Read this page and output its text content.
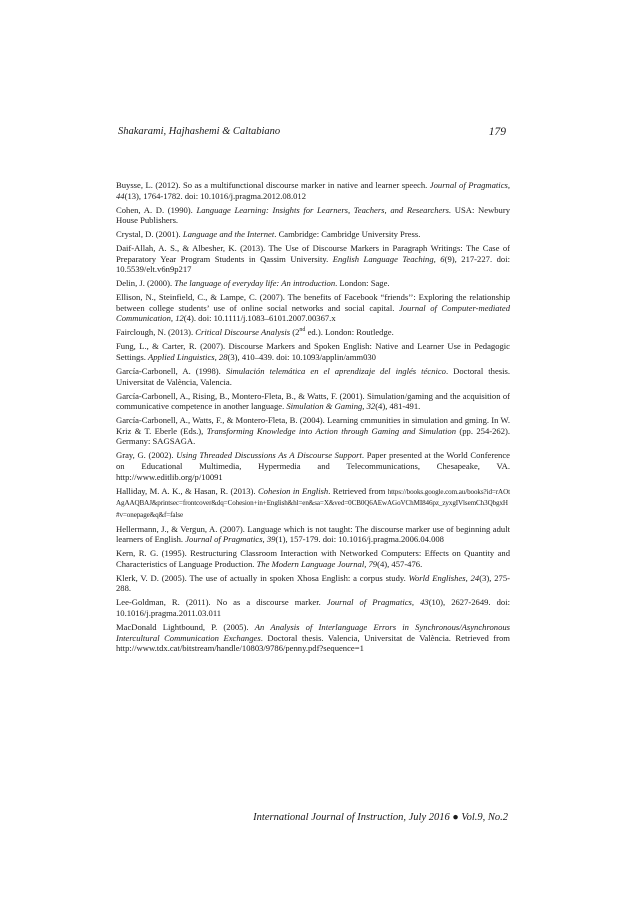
Shakarami, Hajhashemi & Caltabiano	179

Buysse, L. (2012). So as a multifunctional discourse marker in native and learner speech. Journal of Pragmatics, 44(13), 1764-1782. doi: 10.1016/j.pragma.2012.08.012

Cohen, A. D. (1990). Language Learning: Insights for Learners, Teachers, and Researchers. USA: Newbury House Publishers.

Crystal, D. (2001). Language and the Internet. Cambridge: Cambridge University Press.

Daif-Allah, A. S., & Albesher, K. (2013). The Use of Discourse Markers in Paragraph Writings: The Case of Preparatory Year Program Students in Qassim University. English Language Teaching, 6(9), 217-227. doi: 10.5539/elt.v6n9p217

Delin, J. (2000). The language of everyday life: An introduction. London: Sage.

Ellison, N., Steinfield, C., & Lampe, C. (2007). The benefits of Facebook “friends’’: Exploring the relationship between college students’ use of online social networks and social capital. Journal of Computer-mediated Communication, 12(4). doi: 10.1111/j.1083–6101.2007.00367.x

Fairclough, N. (2013). Critical Discourse Analysis (2nd ed.). London: Routledge.

Fung, L., & Carter, R. (2007). Discourse Markers and Spoken English: Native and Learner Use in Pedagogic Settings. Applied Linguistics, 28(3), 410–439. doi: 10.1093/applin/amm030

García-Carbonell, A. (1998). Simulación telemática en el aprendizaje del inglés técnico. Doctoral thesis. Universitat de València, Valencia.

García-Carbonell, A., Rising, B., Montero-Fleta, B., & Watts, F. (2001). Simulation/gaming and the acquisition of communicative competence in another language. Simulation & Gaming, 32(4), 481-491.

García-Carbonell, A., Watts, F., & Montero-Fleta, B. (2004). Learning cmmunities in simulation and gming. In W. Kriz & T. Eberle (Eds.), Transforming Knowledge into Action through Gaming and Simulation (pp. 254-262). Germany: SAGSAGA.

Gray, G. (2002). Using Threaded Discussions As A Discourse Support. Paper presented at the World Conference on Educational Multimedia, Hypermedia and Telecommunications, Chesapeake, VA. http://www.editlib.org/p/10091

Halliday, M. A. K., & Hasan, R. (2013). Cohesion in English. Retrieved from https://books.google.com.au/books?id=rAOtAgAAQBAJ&printsec=frontcover&dq=Cohesion+in+English&hl=en&sa=X&ved=0CB0Q6AEwAGoVChMI846pz_zyxgIVlsemCh3QbgxH#v=onepage&q&f=false

Hellermann, J., & Vergun, A. (2007). Language which is not taught: The discourse marker use of beginning adult learners of English. Journal of Pragmatics, 39(1), 157-179. doi: 10.1016/j.pragma.2006.04.008

Kern, R. G. (1995). Restructuring Classroom Interaction with Networked Computers: Effects on Quantity and Characteristics of Language Production. The Modern Language Journal, 79(4), 457-476.

Klerk, V. D. (2005). The use of actually in spoken Xhosa English: a corpus study. World Englishes, 24(3), 275-288.

Lee-Goldman, R. (2011). No as a discourse marker. Journal of Pragmatics, 43(10), 2627-2649. doi: 10.1016/j.pragma.2011.03.011

MacDonald Lightbound, P. (2005). An Analysis of Interlanguage Errors in Synchronous/Asynchronous Intercultural Communication Exchanges. Doctoral thesis. Valencia, Universitat de València. Retrieved from http://www.tdx.cat/bitstream/handle/10803/9786/penny.pdf?sequence=1

International Journal of Instruction, July 2016 ● Vol.9, No.2
